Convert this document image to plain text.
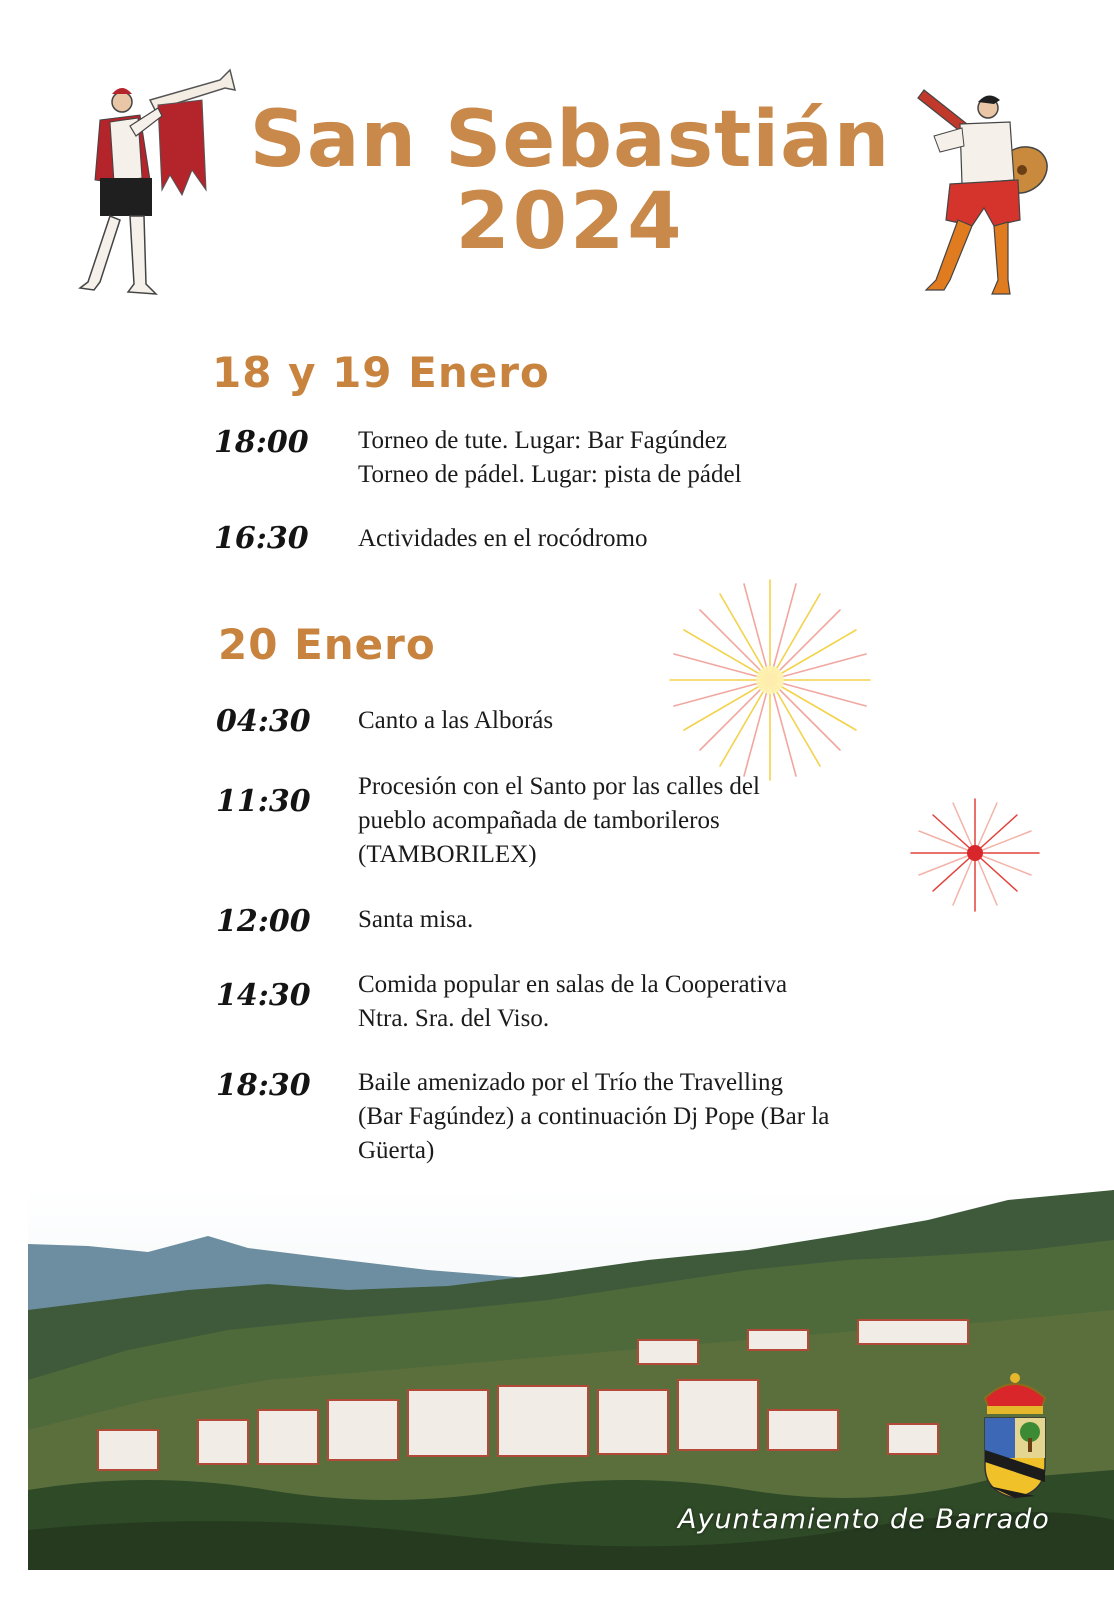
San Sebastián
2024
18 y 19 Enero
18:00 Torneo de tute. Lugar: Bar Fagúndez
Torneo de pádel. Lugar: pista de pádel
16:30 Actividades en el rocódromo
20 Enero
04:30 Canto a las Alborás
11:30 Procesión con el Santo por las calles del
pueblo acompañada de tamborileros
(TAMBORILEX)
12:00 Santa misa.
14:30 Comida popular en salas de la Cooperativa
Ntra. Sra. del Viso.
18:30 Baile amenizado por el Trío the Travelling
(Bar Fagúndez) a continuación Dj Pope (Bar la
Güerta)
Ayuntamiento de Barrado
